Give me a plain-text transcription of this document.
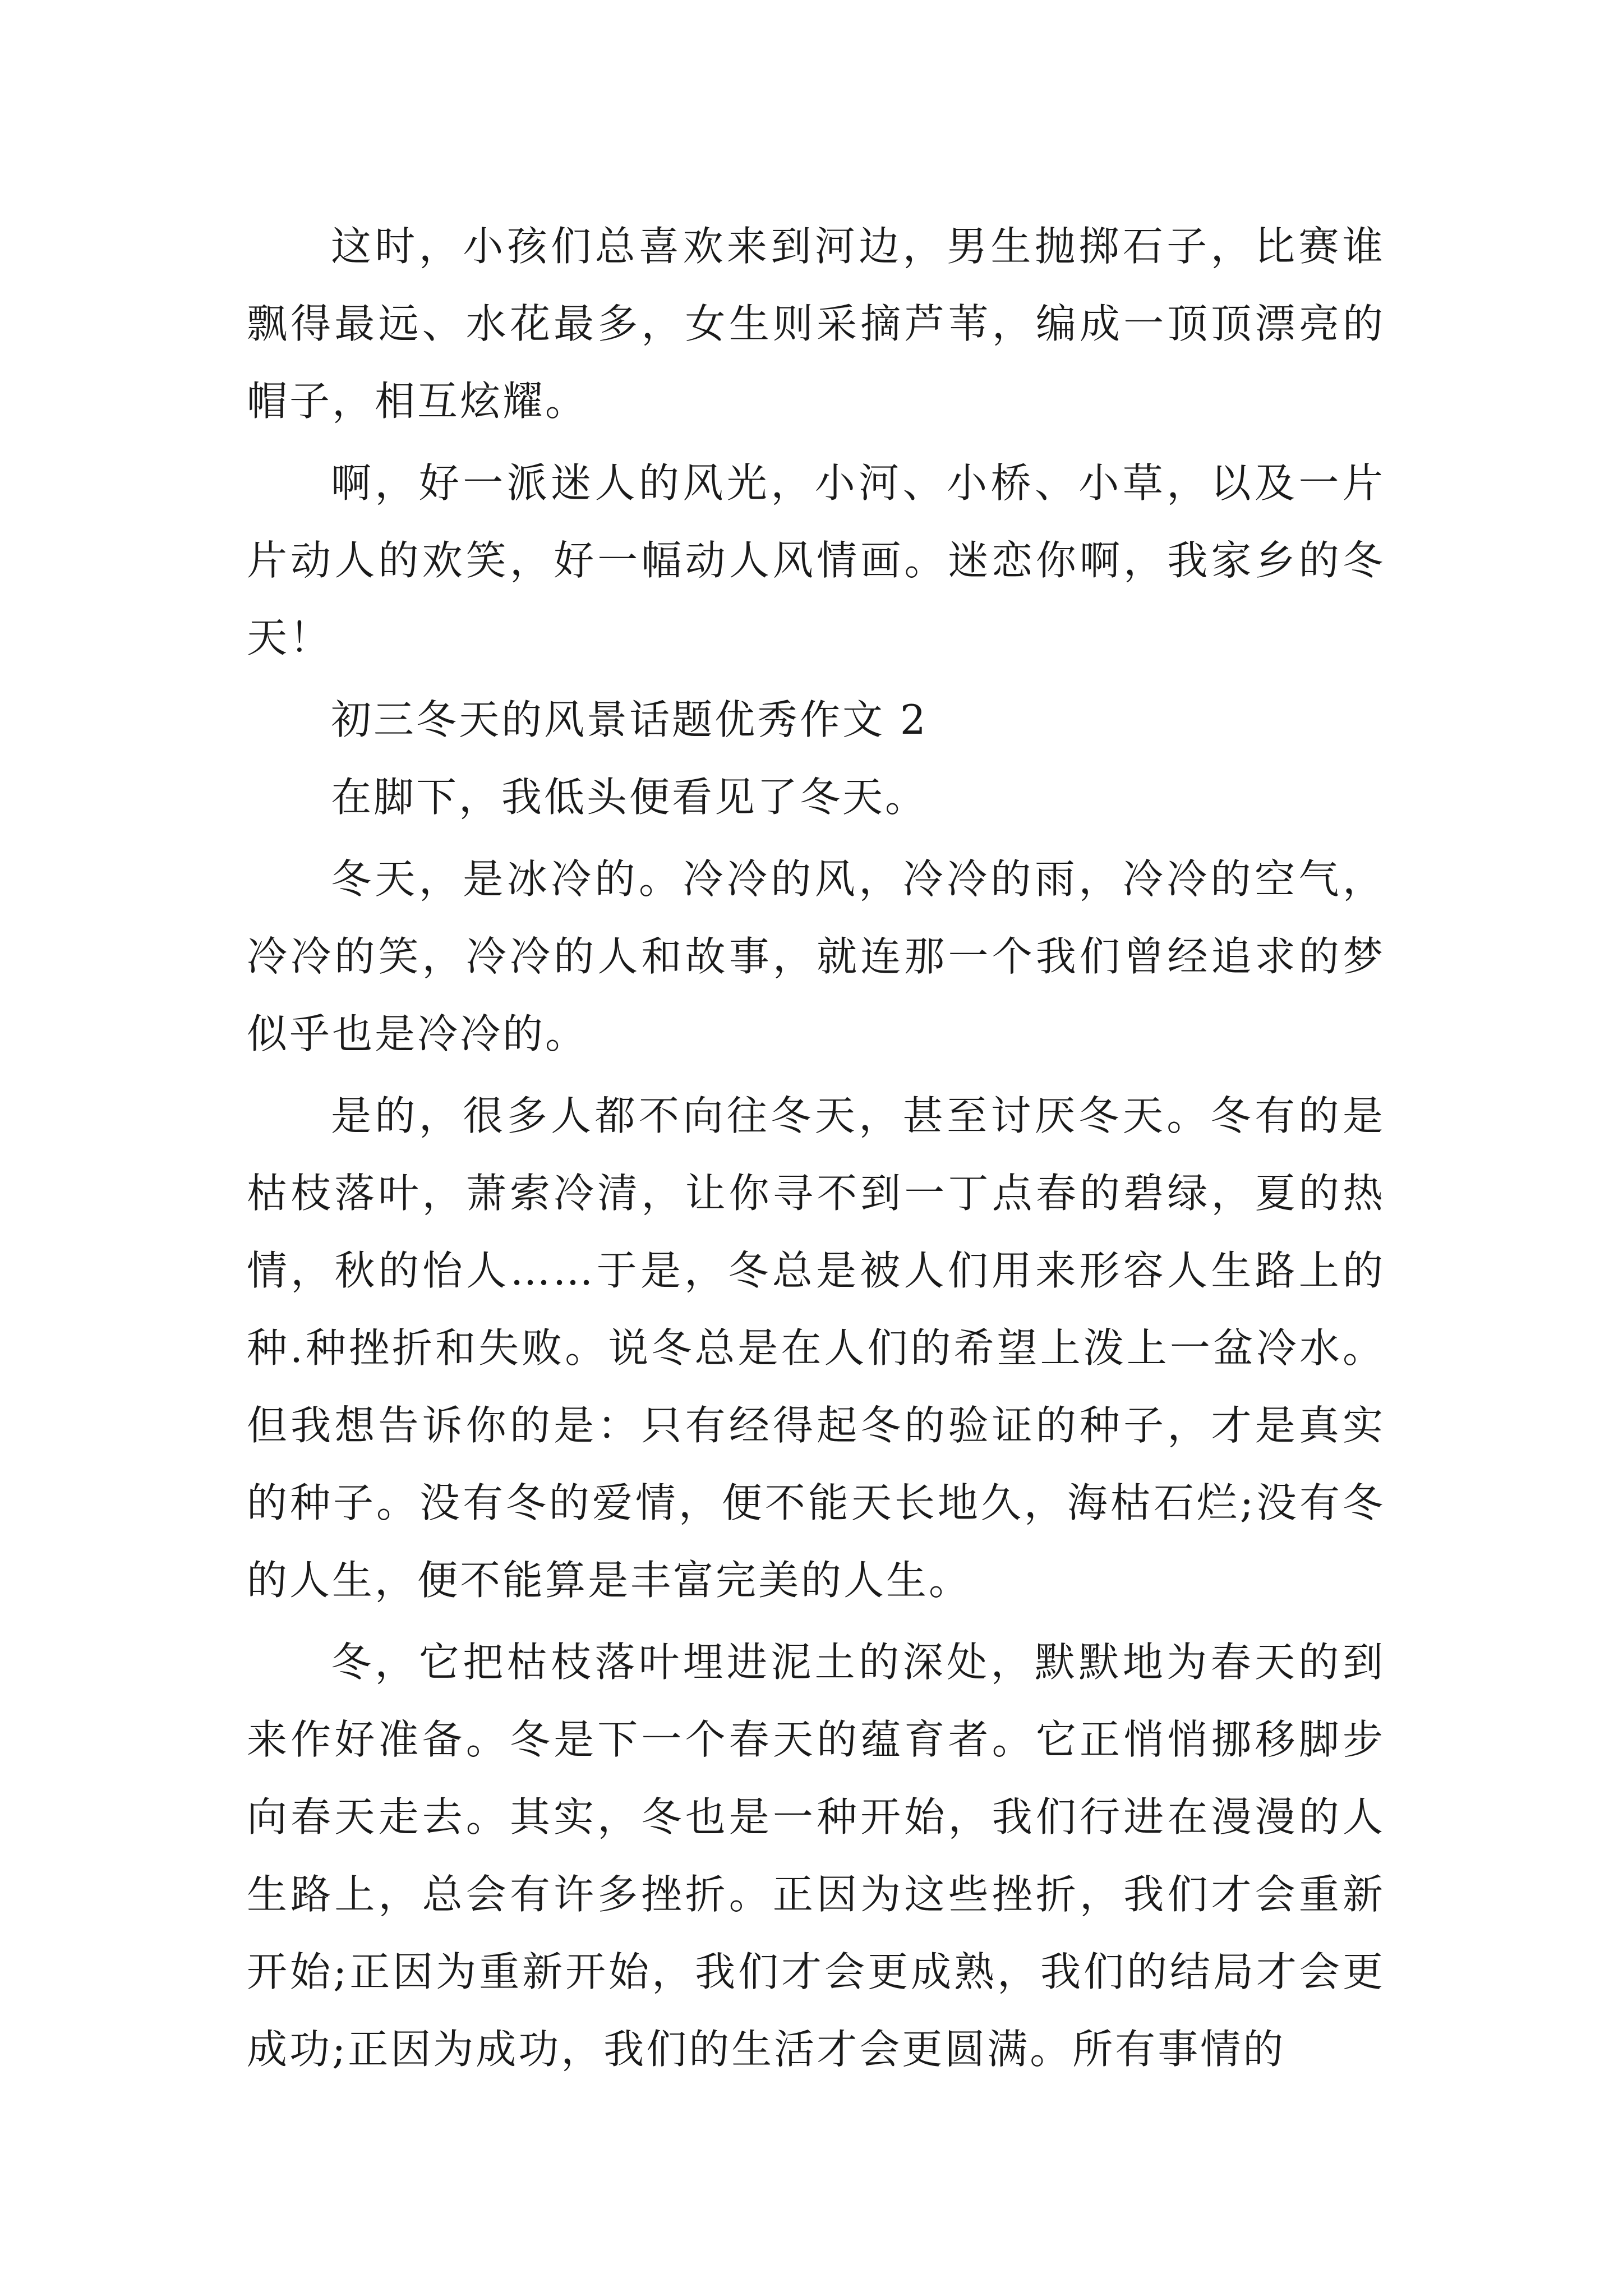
这时，小孩们总喜欢来到河边，男生抛掷石子，比赛谁飘得最远、水花最多，女生则采摘芦苇，编成一顶顶漂亮的帽子，相互炫耀。

啊，好一派迷人的风光，小河、小桥、小草，以及一片片动人的欢笑，好一幅动人风情画。迷恋你啊，我家乡的冬天！

初三冬天的风景话题优秀作文 2

在脚下，我低头便看见了冬天。

冬天，是冰冷的。冷冷的风，冷冷的雨，冷冷的空气，冷冷的笑，冷冷的人和故事，就连那一个我们曾经追求的梦似乎也是冷冷的。

是的，很多人都不向往冬天，甚至讨厌冬天。冬有的是枯枝落叶，萧索冷清，让你寻不到一丁点春的碧绿，夏的热情，秋的怡人……于是，冬总是被人们用来形容人生路上的种.种挫折和失败。说冬总是在人们的希望上泼上一盆冷水。但我想告诉你的是：只有经得起冬的验证的种子，才是真实的种子。没有冬的爱情，便不能天长地久，海枯石烂;没有冬的人生，便不能算是丰富完美的人生。

冬，它把枯枝落叶埋进泥土的深处，默默地为春天的到来作好准备。冬是下一个春天的蕴育者。它正悄悄挪移脚步向春天走去。其实，冬也是一种开始，我们行进在漫漫的人生路上，总会有许多挫折。正因为这些挫折，我们才会重新开始;正因为重新开始，我们才会更成熟，我们的结局才会更成功;正因为成功，我们的生活才会更圆满。所有事情的
